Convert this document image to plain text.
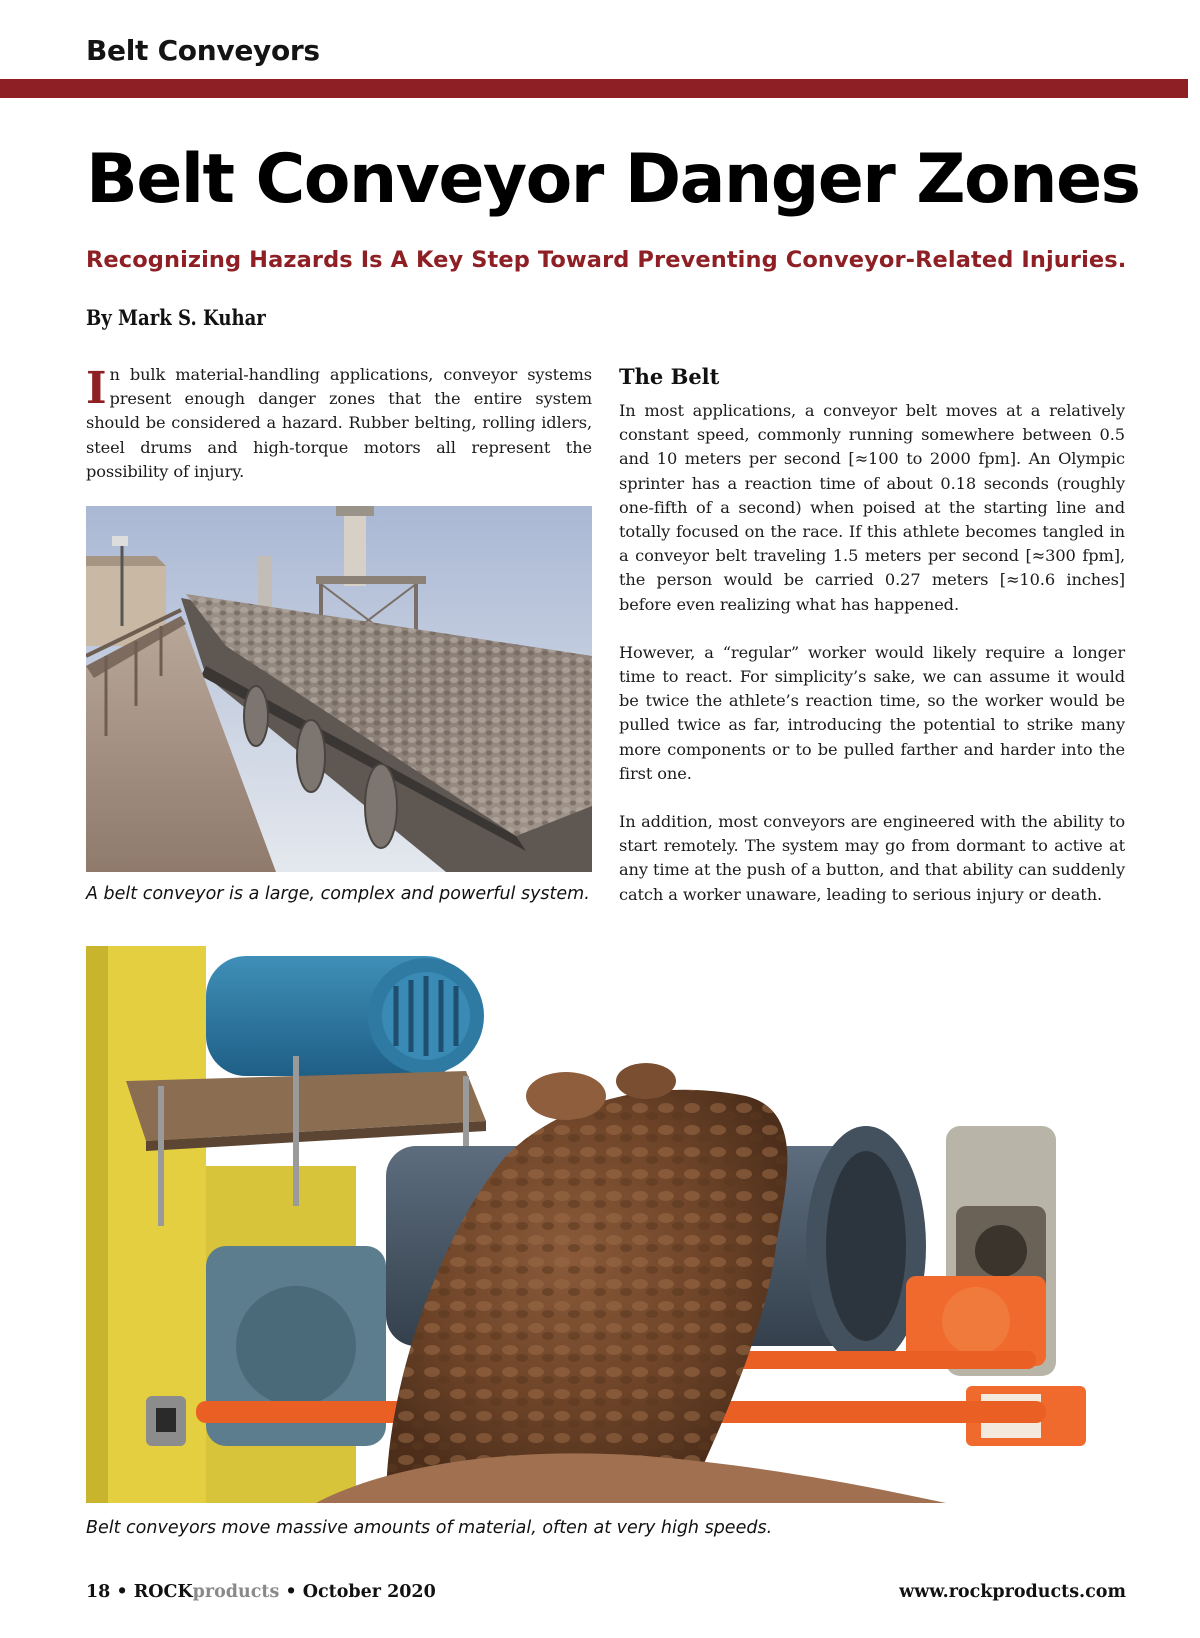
Belt Conveyors
Belt Conveyor Danger Zones
Recognizing Hazards Is A Key Step Toward Preventing Conveyor-Related Injuries.
By Mark S. Kuhar

In bulk material-handling applications, conveyor systems present enough danger zones that the entire system should be considered a hazard. Rubber belting, rolling idlers, steel drums and high-torque motors all represent the possibility of injury.

The Belt

In most applications, a conveyor belt moves at a relatively constant speed, commonly running somewhere between 0.5 and 10 meters per second [≈100 to 2000 fpm]. An Olympic sprinter has a reaction time of about 0.18 seconds (roughly one-fifth of a second) when poised at the starting line and totally focused on the race. If this athlete becomes tangled in a conveyor belt traveling 1.5 meters per second [≈300 fpm], the person would be carried 0.27 meters [≈10.6 inches] before even realizing what has happened.

However, a “regular” worker would likely require a longer time to react. For simplicity’s sake, we can assume it would be twice the athlete’s reaction time, so the worker would be pulled twice as far, introducing the potential to strike many more components or to be pulled farther and harder into the first one.

In addition, most conveyors are engineered with the ability to start remotely. The system may go from dormant to active at any time at the push of a button, and that ability can suddenly catch a worker unaware, leading to serious injury or death.

A belt conveyor is a large, complex and powerful system.
Belt conveyors move massive amounts of material, often at very high speeds.
18 • ROCKproducts • October 2020	www.rockproducts.com
